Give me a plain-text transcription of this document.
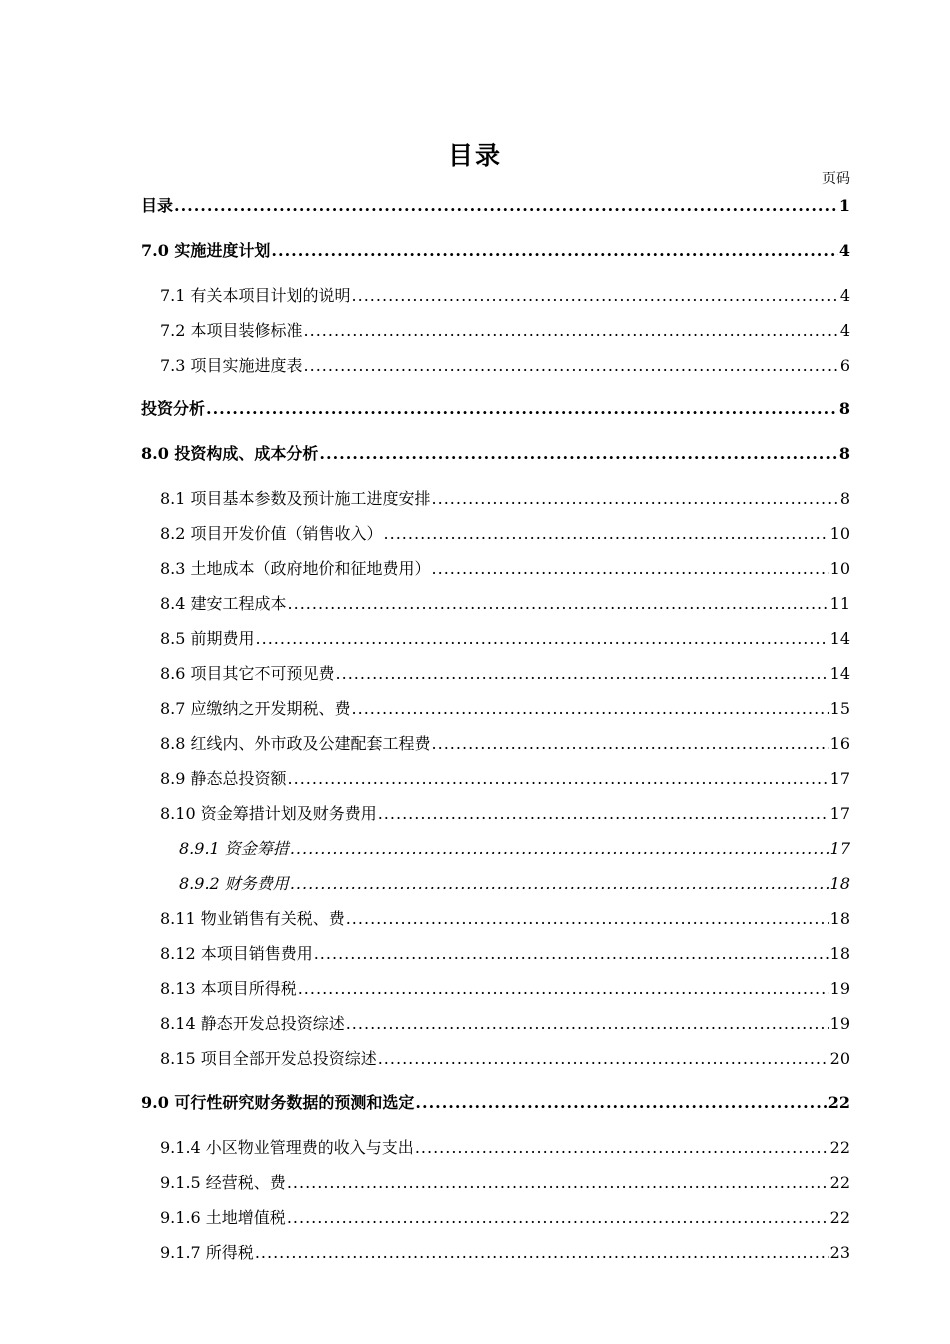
目录
页码
目录 .....	1
7.0 实施进度计划 .....	4
7.1 有关本项目计划的说明 .....	4
7.2 本项目装修标准 .....	4
7.3 项目实施进度表 .....	6
投资分析 .....	8
8.0 投资构成、成本分析 .....	8
8.1 项目基本参数及预计施工进度安排 .....	8
8.2 项目开发价值（销售收入） .....	10
8.3 土地成本（政府地价和征地费用） .....	10
8.4 建安工程成本 .....	11
8.5 前期费用 .....	14
8.6 项目其它不可预见费 .....	14
8.7 应缴纳之开发期税、费 .....	15
8.8 红线内、外市政及公建配套工程费 .....	16
8.9 静态总投资额 .....	17
8.10 资金筹措计划及财务费用 .....	17
8.9.1 资金筹措 .....	17
8.9.2 财务费用 .....	18
8.11 物业销售有关税、费 .....	18
8.12 本项目销售费用 .....	18
8.13 本项目所得税 .....	19
8.14 静态开发总投资综述 .....	19
8.15 项目全部开发总投资综述 .....	20
9.0 可行性研究财务数据的预测和选定 .....	22
9.1.4 小区物业管理费的收入与支出 .....	22
9.1.5 经营税、费 .....	22
9.1.6 土地增值税 .....	22
9.1.7 所得税 .....	23
